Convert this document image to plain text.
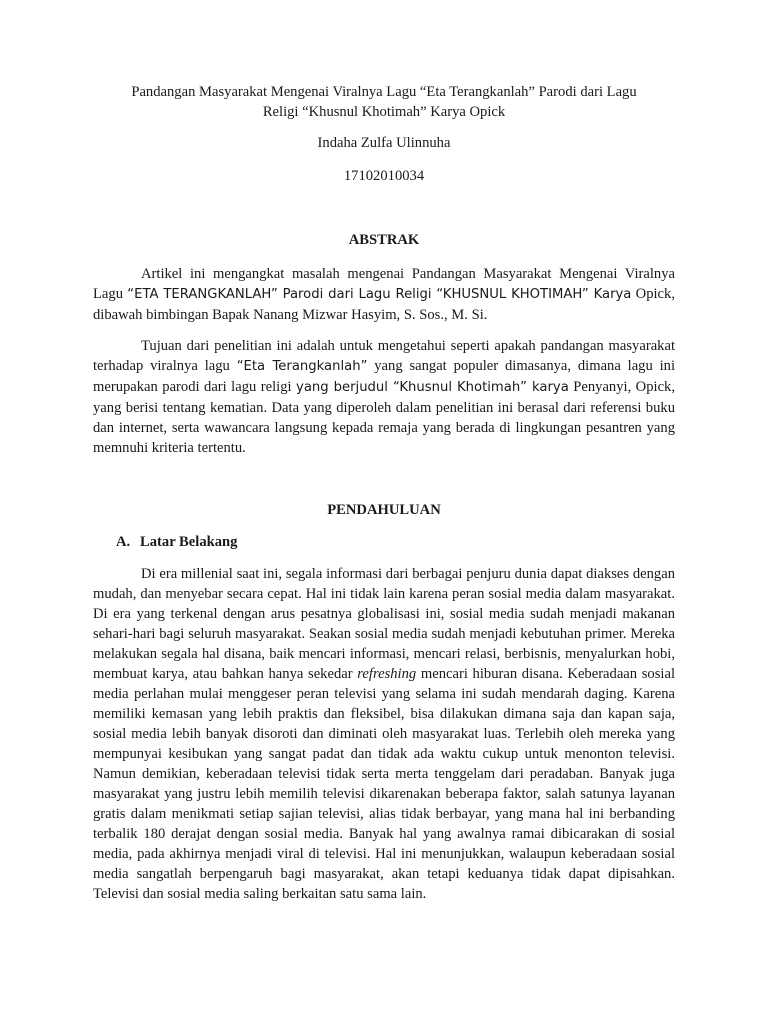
Pandangan Masyarakat Mengenai Viralnya Lagu “Eta Terangkanlah” Parodi dari Lagu
Religi “Khusnul Khotimah” Karya Opick
Indaha Zulfa Ulinnuha
17102010034
ABSTRAK

Artikel ini mengangkat masalah mengenai Pandangan Masyarakat Mengenai Viralnya Lagu “ETA TERANGKANLAH” Parodi dari Lagu Religi “KHUSNUL KHOTIMAH” Karya Opick, dibawah bimbingan Bapak Nanang Mizwar Hasyim, S. Sos., M. Si.

Tujuan dari penelitian ini adalah untuk mengetahui seperti apakah pandangan masyarakat terhadap viralnya lagu “Eta Terangkanlah” yang sangat populer dimasanya, dimana lagu ini merupakan parodi dari lagu religi yang berjudul “Khusnul Khotimah” karya Penyanyi, Opick, yang berisi tentang kematian. Data yang diperoleh dalam penelitian ini berasal dari referensi buku dan internet, serta wawancara langsung kepada remaja yang berada di lingkungan pesantren yang memnuhi kriteria tertentu.

PENDAHULUAN
A. Latar Belakang

Di era millenial saat ini, segala informasi dari berbagai penjuru dunia dapat diakses dengan mudah, dan menyebar secara cepat. Hal ini tidak lain karena peran sosial media dalam masyarakat. Di era yang terkenal dengan arus pesatnya globalisasi ini, sosial media sudah menjadi makanan sehari-hari bagi seluruh masyarakat. Seakan sosial media sudah menjadi kebutuhan primer. Mereka melakukan segala hal disana, baik mencari informasi, mencari relasi, berbisnis, menyalurkan hobi, membuat karya, atau bahkan hanya sekedar refreshing mencari hiburan disana. Keberadaan sosial media perlahan mulai menggeser peran televisi yang selama ini sudah mendarah daging. Karena memiliki kemasan yang lebih praktis dan fleksibel, bisa dilakukan dimana saja dan kapan saja, sosial media lebih banyak disoroti dan diminati oleh masyarakat luas. Terlebih oleh mereka yang mempunyai kesibukan yang sangat padat dan tidak ada waktu cukup untuk menonton televisi. Namun demikian, keberadaan televisi tidak serta merta tenggelam dari peradaban. Banyak juga masyarakat yang justru lebih memilih televisi dikarenakan beberapa faktor, salah satunya layanan gratis dalam menikmati setiap sajian televisi, alias tidak berbayar, yang mana hal ini berbanding terbalik 180 derajat dengan sosial media. Banyak hal yang awalnya ramai dibicarakan di sosial media, pada akhirnya menjadi viral di televisi. Hal ini menunjukkan, walaupun keberadaan sosial media sangatlah berpengaruh bagi masyarakat, akan tetapi keduanya tidak dapat dipisahkan. Televisi dan sosial media saling berkaitan satu sama lain.
